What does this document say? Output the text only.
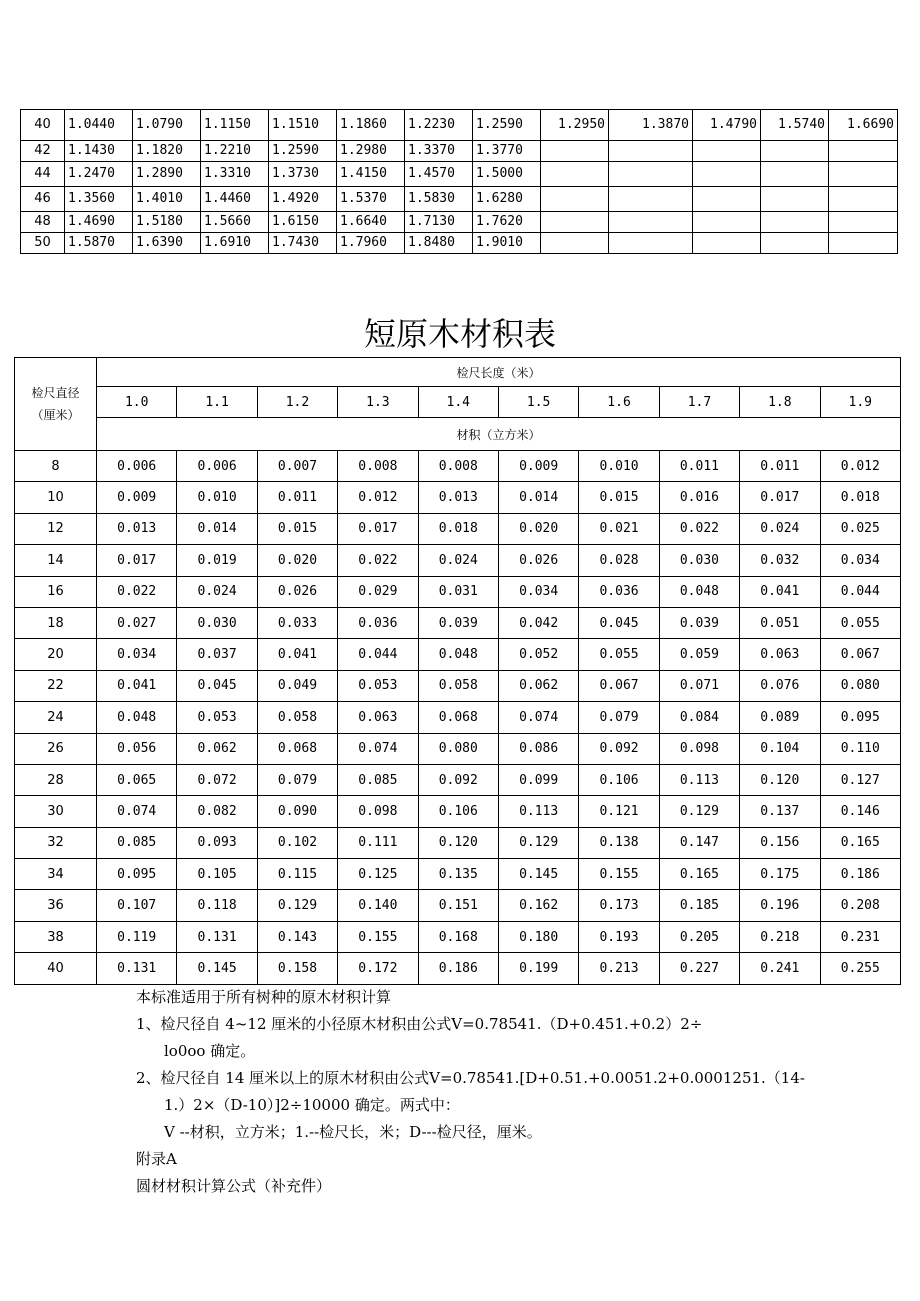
40	1.0440	1.0790	1.1150	1.1510	1.1860	1.2230	1.2590	1.2950	1.3870	1.4790	1.5740	1.6690
42	1.1430	1.1820	1.2210	1.2590	1.2980	1.3370	1.3770					
44	1.2470	1.2890	1.3310	1.3730	1.4150	1.4570	1.5000					
46	1.3560	1.4010	1.4460	1.4920	1.5370	1.5830	1.6280					
48	1.4690	1.5180	1.5660	1.6150	1.6640	1.7130	1.7620					
50	1.5870	1.6390	1.6910	1.7430	1.7960	1.8480	1.9010					
短原木材积表
检尺直径
（厘米）	检尺长度（米）									
	1.0	1.1	1.2	1.3	1.4	1.5	1.6	1.7	1.8	1.9
	材积（立方米）									
8	0.006	0.006	0.007	0.008	0.008	0.009	0.010	0.011	0.011	0.012
10	0.009	0.010	0.011	0.012	0.013	0.014	0.015	0.016	0.017	0.018
12	0.013	0.014	0.015	0.017	0.018	0.020	0.021	0.022	0.024	0.025
14	0.017	0.019	0.020	0.022	0.024	0.026	0.028	0.030	0.032	0.034
16	0.022	0.024	0.026	0.029	0.031	0.034	0.036	0.048	0.041	0.044
18	0.027	0.030	0.033	0.036	0.039	0.042	0.045	0.039	0.051	0.055
20	0.034	0.037	0.041	0.044	0.048	0.052	0.055	0.059	0.063	0.067
22	0.041	0.045	0.049	0.053	0.058	0.062	0.067	0.071	0.076	0.080
24	0.048	0.053	0.058	0.063	0.068	0.074	0.079	0.084	0.089	0.095
26	0.056	0.062	0.068	0.074	0.080	0.086	0.092	0.098	0.104	0.110
28	0.065	0.072	0.079	0.085	0.092	0.099	0.106	0.113	0.120	0.127
30	0.074	0.082	0.090	0.098	0.106	0.113	0.121	0.129	0.137	0.146
32	0.085	0.093	0.102	0.111	0.120	0.129	0.138	0.147	0.156	0.165
34	0.095	0.105	0.115	0.125	0.135	0.145	0.155	0.165	0.175	0.186
36	0.107	0.118	0.129	0.140	0.151	0.162	0.173	0.185	0.196	0.208
38	0.119	0.131	0.143	0.155	0.168	0.180	0.193	0.205	0.218	0.231
40	0.131	0.145	0.158	0.172	0.186	0.199	0.213	0.227	0.241	0.255

本标准适用于所有树种的原木材积计算

1、检尺径自 4~12 厘米的小径原木材积由公式V=0.78541.（D+0.451.+0.2）2÷

lo0oo 确定。

2、检尺径自 14 厘米以上的原木材积由公式V=0.78541.[D+0.51.+0.0051.2+0.0001251.（14-

1.）2×（D-10）]2÷10000 确定。两式中：

V --材积，立方米；1.--检尺长，米；D---检尺径，厘米。

附录A

圆材材积计算公式（补充件）
